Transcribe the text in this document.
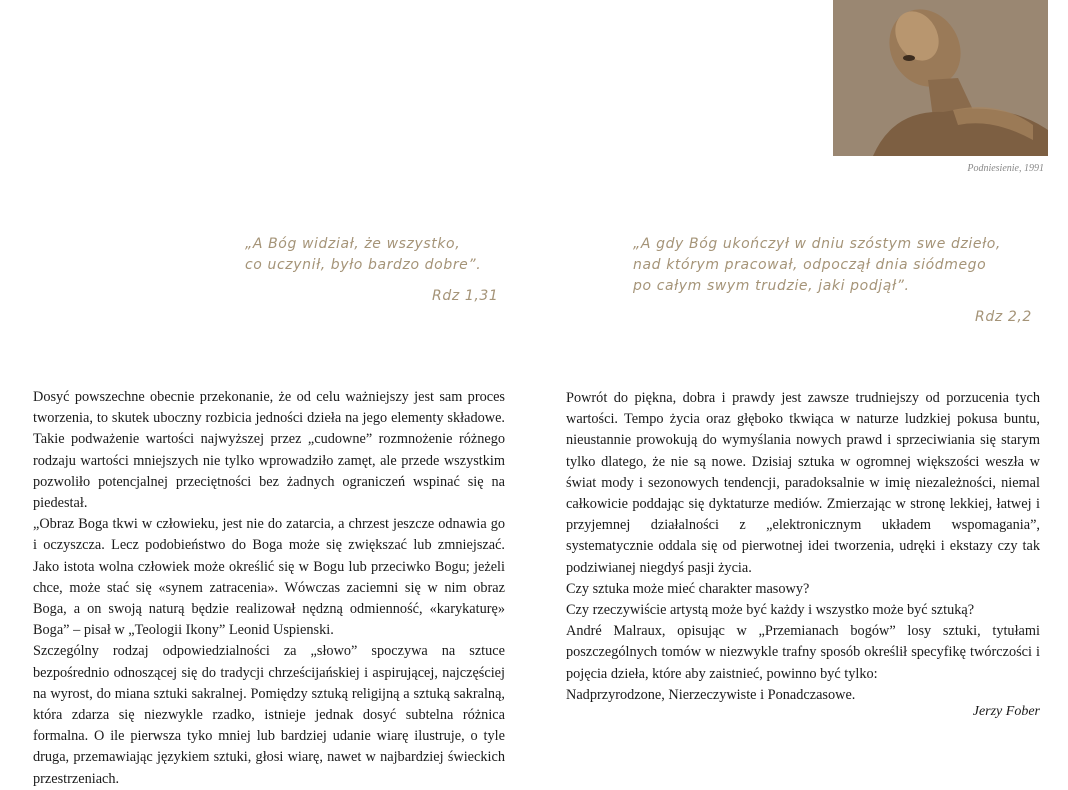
Podniesienie, 1991
„A Bóg widział, że wszystko,
co uczynił, było bardzo dobre”.
Rdz 1,31
„A gdy Bóg ukończył w dniu szóstym swe dzieło,
nad którym pracował, odpoczął dnia siódmego
po całym swym trudzie, jaki podjął”.
Rdz 2,2

Dosyć powszechne obecnie przekonanie, że od celu ważniejszy jest sam proces tworzenia, to skutek uboczny rozbicia jedności dzieła na jego elementy składowe. Takie podważenie wartości najwyższej przez „cudowne” rozmnożenie różnego rodzaju wartości mniejszych nie tylko wprowadziło zamęt, ale przede wszystkim pozwoliło potencjalnej przeciętności bez żadnych ograniczeń wspinać się na piedestał.

„Obraz Boga tkwi w człowieku, jest nie do zatarcia, a chrzest jeszcze odnawia go i oczyszcza. Lecz podobieństwo do Boga może się zwiększać lub zmniejszać. Jako istota wolna człowiek może określić się w Bogu lub przeciwko Bogu; jeżeli chce, może stać się «synem zatracenia». Wówczas zaciemni się w nim obraz Boga, a on swoją naturą będzie realizował nędzną odmienność, «karykaturę» Boga” – pisał w „Teologii Ikony” Leonid Uspienski.

Szczególny rodzaj odpowiedzialności za „słowo” spoczywa na sztuce bezpośrednio odnoszącej się do tradycji chrześcijańskiej i aspirującej, najczęściej na wyrost, do miana sztuki sakralnej. Pomiędzy sztuką religijną a sztuką sakralną, która zdarza się niezwykle rzadko, istnieje jednak dosyć subtelna różnica formalna. O ile pierwsza tyko mniej lub bardziej udanie wiarę ilustruje, o tyle druga, przemawiając językiem sztuki, głosi wiarę, nawet w najbardziej świeckich przestrzeniach.

Powrót do piękna, dobra i prawdy jest zawsze trudniejszy od porzucenia tych wartości. Tempo życia oraz głęboko tkwiąca w naturze ludzkiej pokusa buntu, nieustannie prowokują do wymyślania nowych prawd i sprzeciwiania się starym tylko dlatego, że nie są nowe. Dzisiaj sztuka w ogromnej większości weszła w świat mody i sezonowych tendencji, paradoksalnie w imię niezależności, niemal całkowicie poddając się dyktaturze mediów. Zmierzając w stronę lekkiej, łatwej i przyjemnej działalności z „elektronicznym układem wspomagania”, systematycznie oddala się od pierwotnej idei tworzenia, udręki i ekstazy czy tak podziwianej niegdyś pasji życia.

Czy sztuka może mieć charakter masowy?

Czy rzeczywiście artystą może być każdy i wszystko może być sztuką?

André Malraux, opisując w „Przemianach bogów” losy sztuki, tytułami poszczególnych tomów w niezwykle trafny sposób określił specyfikę twórczości i pojęcia dzieła, które aby zaistnieć, powinno być tylko:

Nadprzyrodzone, Nierzeczywiste i Ponadczasowe.

Jerzy Fober
